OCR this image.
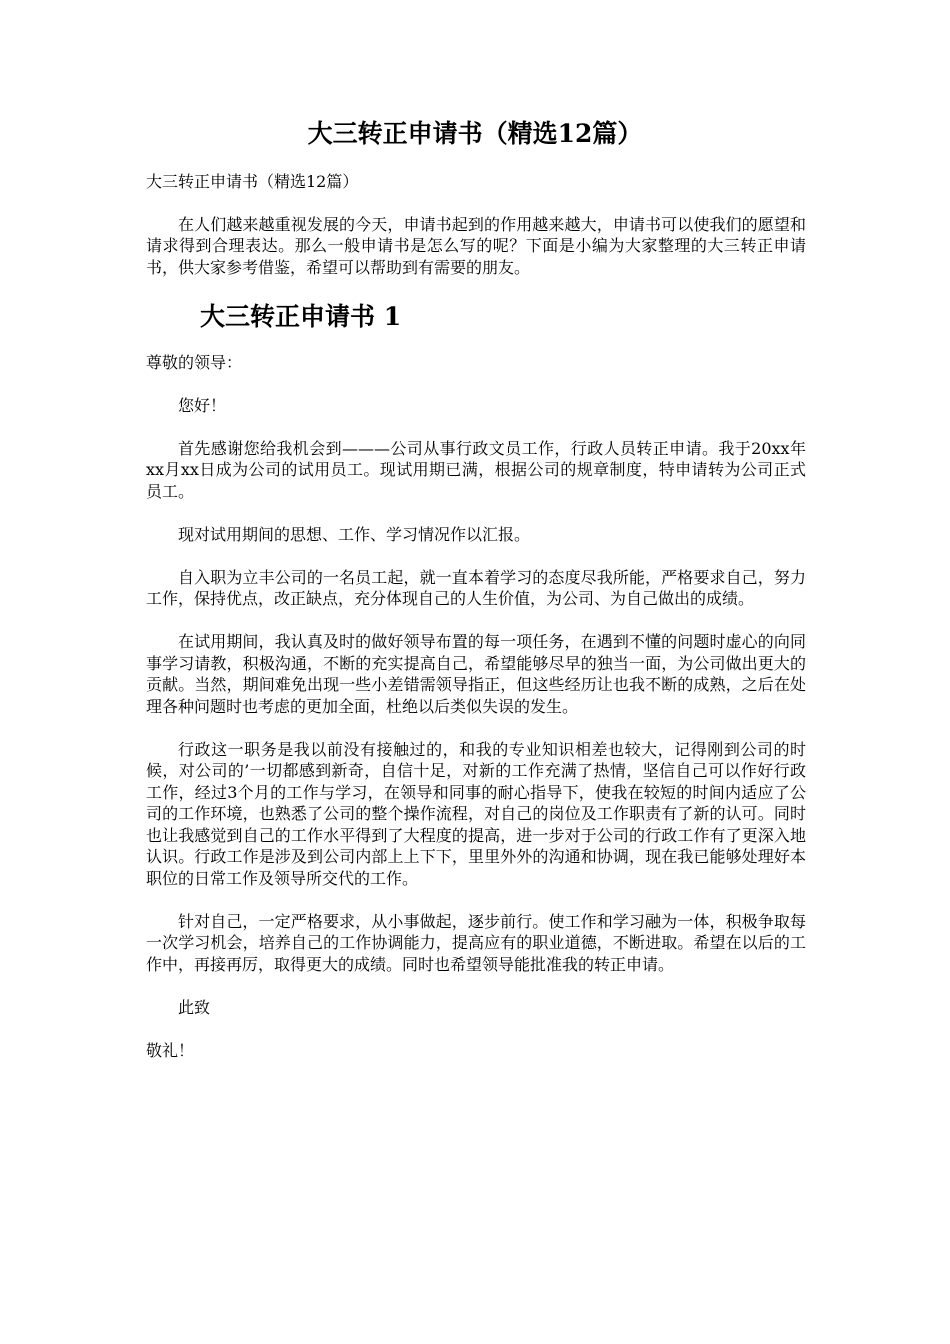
大三转正申请书（精选12篇）

大三转正申请书（精选12篇）

在人们越来越重视发展的今天，申请书起到的作用越来越大，申请书可以使我们的愿望和请求得到合理表达。那么一般申请书是怎么写的呢？下面是小编为大家整理的大三转正申请书，供大家参考借鉴，希望可以帮助到有需要的朋友。

大三转正申请书 1

尊敬的领导：

您好！

首先感谢您给我机会到———公司从事行政文员工作，行政人员转正申请。我于20xx年xx月xx日成为公司的试用员工。现试用期已满，根据公司的规章制度，特申请转为公司正式员工。

现对试用期间的思想、工作、学习情况作以汇报。

自入职为立丰公司的一名员工起，就一直本着学习的态度尽我所能，严格要求自己，努力工作，保持优点，改正缺点，充分体现自己的人生价值，为公司、为自己做出的成绩。

在试用期间，我认真及时的做好领导布置的每一项任务，在遇到不懂的问题时虚心的向同事学习请教，积极沟通，不断的充实提高自己，希望能够尽早的独当一面，为公司做出更大的贡献。当然，期间难免出现一些小差错需领导指正，但这些经历让也我不断的成熟，之后在处理各种问题时也考虑的更加全面，杜绝以后类似失误的发生。

行政这一职务是我以前没有接触过的，和我的专业知识相差也较大，记得刚到公司的时候，对公司的’一切都感到新奇，自信十足，对新的工作充满了热情，坚信自己可以作好行政工作，经过3个月的工作与学习，在领导和同事的耐心指导下，使我在较短的时间内适应了公司的工作环境，也熟悉了公司的整个操作流程，对自己的岗位及工作职责有了新的认可。同时也让我感觉到自己的工作水平得到了大程度的提高，进一步对于公司的行政工作有了更深入地认识。行政工作是涉及到公司内部上上下下，里里外外的沟通和协调，现在我已能够处理好本职位的日常工作及领导所交代的工作。

针对自己，一定严格要求，从小事做起，逐步前行。使工作和学习融为一体，积极争取每一次学习机会，培养自己的工作协调能力，提高应有的职业道德，不断进取。希望在以后的工作中，再接再厉，取得更大的成绩。同时也希望领导能批准我的转正申请。

此致

敬礼！
